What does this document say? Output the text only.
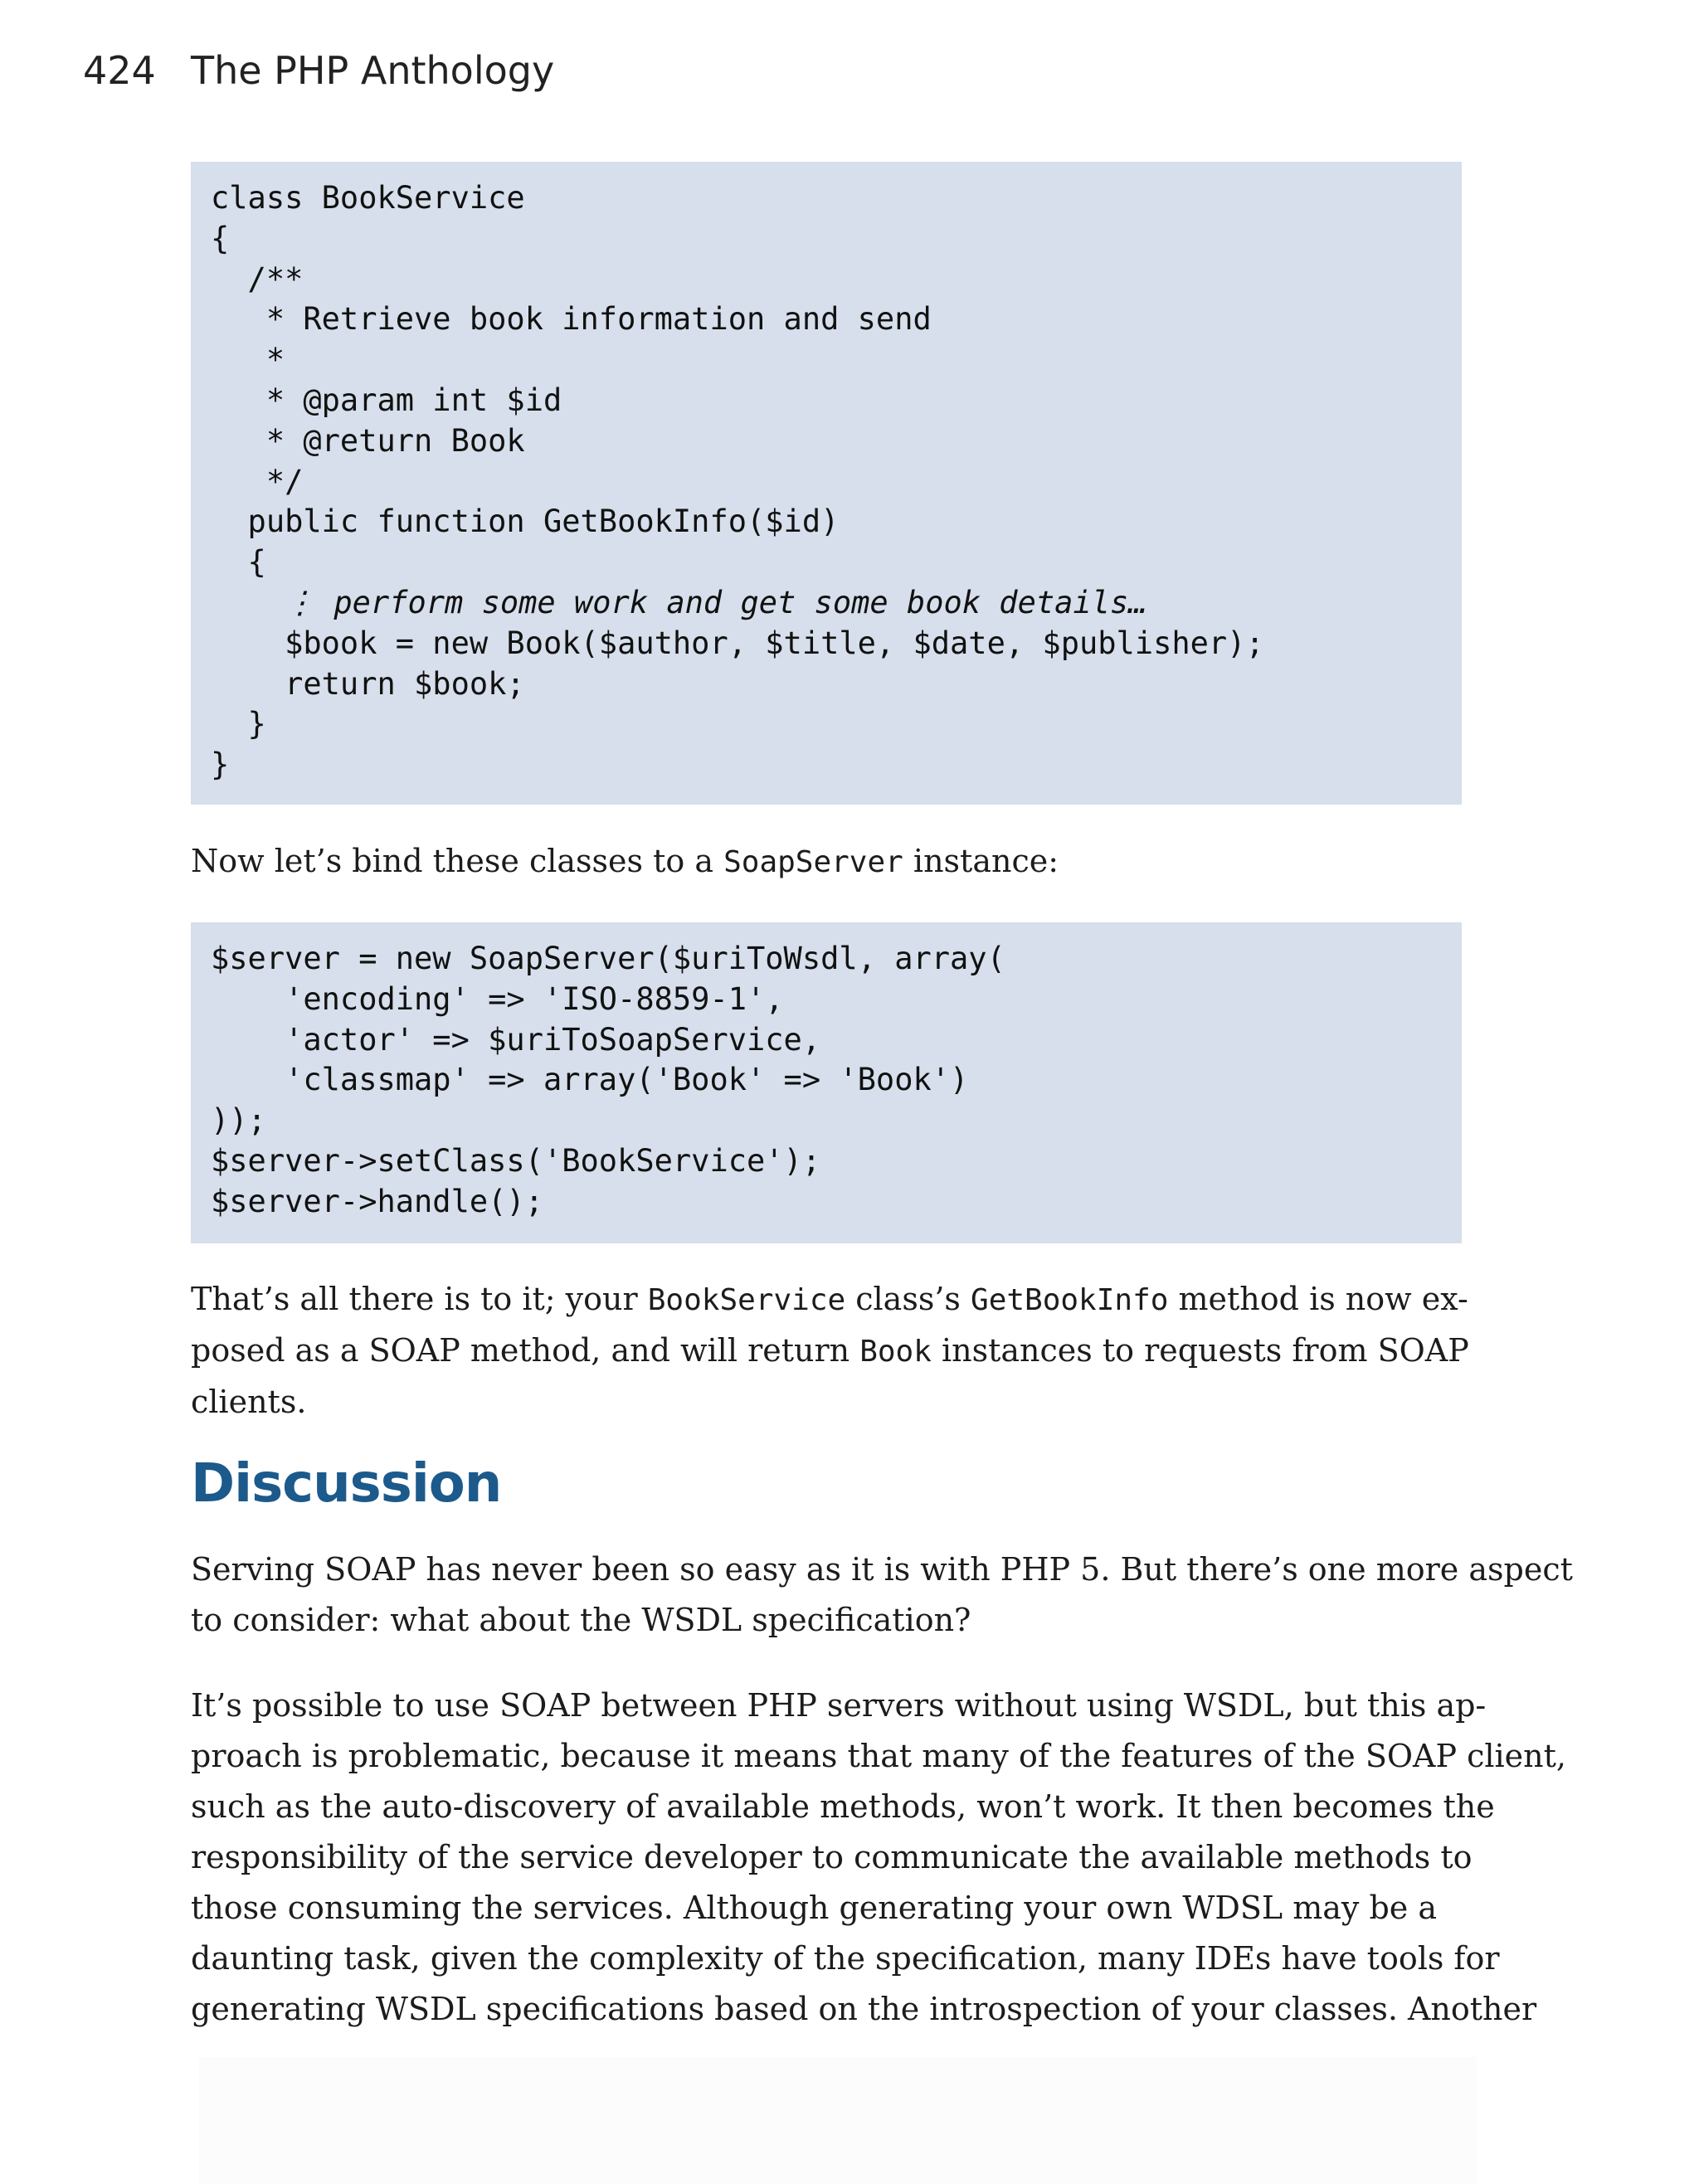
424 The PHP Anthology
class BookService
{
/**
* Retrieve book information and send
*
* @param int $id
* @return Book
*/
public function GetBookInfo($id)
{
⋮ perform some work and get some book details…
$book = new Book($author, $title, $date, $publisher);
return $book;
}
}
Now let’s bind these classes to a SoapServer instance:
$server = new SoapServer($uriToWsdl, array(
'encoding' => 'ISO-8859-1',
'actor' => $uriToSoapService,
'classmap' => array('Book' => 'Book')
));
$server->setClass('BookService');
$server->handle();
That’s all there is to it; your BookService class’s GetBookInfo method is now ex-
posed as a SOAP method, and will return Book instances to requests from SOAP
clients.
Discussion
Serving SOAP has never been so easy as it is with PHP 5. But there’s one more aspect
to consider: what about the WSDL specification?
It’s possible to use SOAP between PHP servers without using WSDL, but this ap-
proach is problematic, because it means that many of the features of the SOAP client,
such as the auto-discovery of available methods, won’t work. It then becomes the
responsibility of the service developer to communicate the available methods to
those consuming the services. Although generating your own WDSL may be a
daunting task, given the complexity of the specification, many IDEs have tools for
generating WSDL specifications based on the introspection of your classes. Another
